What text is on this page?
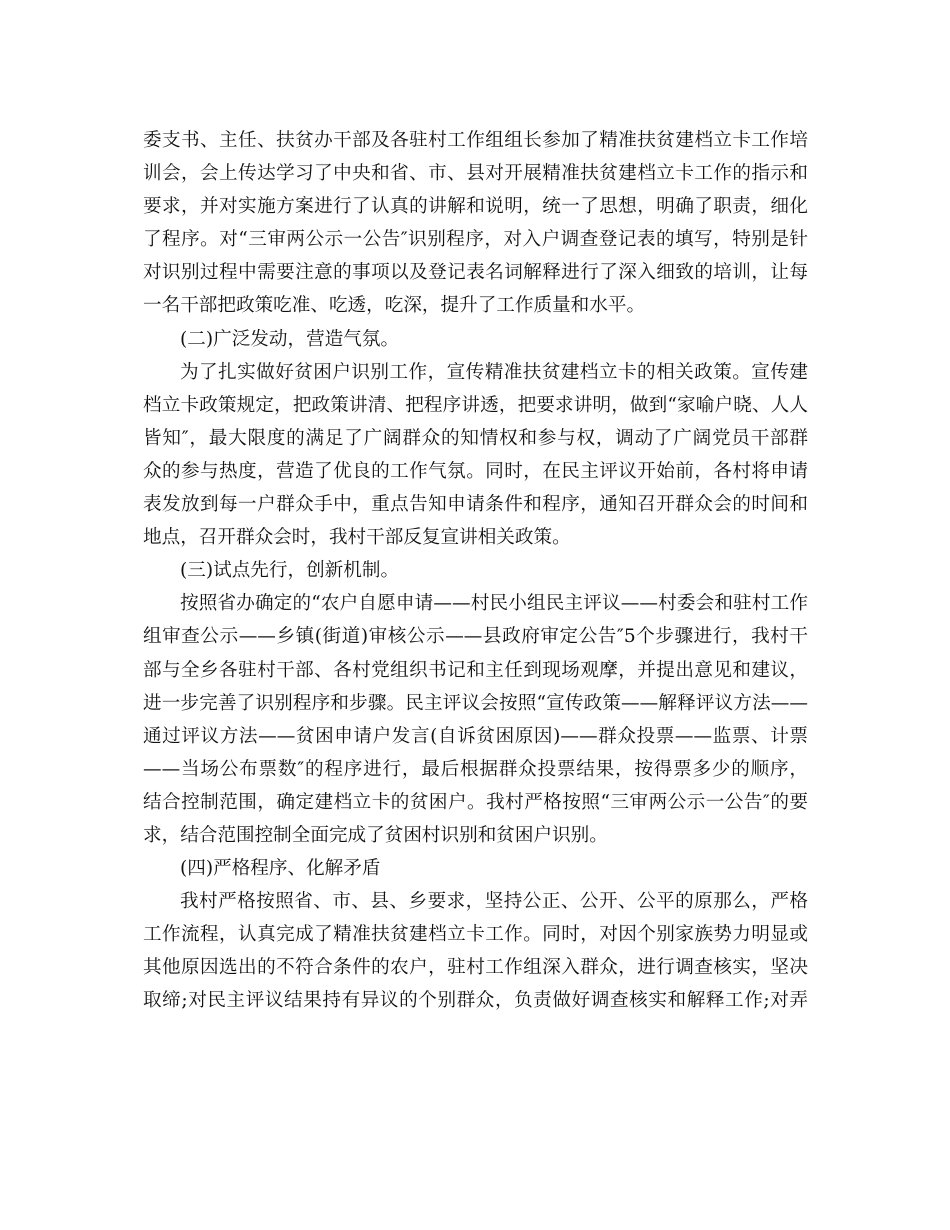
委支书、主任、扶贫办干部及各驻村工作组组长参加了精准扶贫建档立卡工作培
训会，会上传达学习了中央和省、市、县对开展精准扶贫建档立卡工作的指示和
要求，并对实施方案进行了认真的讲解和说明，统一了思想，明确了职责，细化
了程序。对“三审两公示一公告″识别程序，对入户调查登记表的填写，特别是针
对识别过程中需要注意的事项以及登记表名词解释进行了深入细致的培训，让每
一名干部把政策吃准、吃透，吃深，提升了工作质量和水平。
(二)广泛发动，营造气氛。
为了扎实做好贫困户识别工作，宣传精准扶贫建档立卡的相关政策。宣传建
档立卡政策规定，把政策讲清、把程序讲透，把要求讲明，做到“家喻户晓、人人
皆知″，最大限度的满足了广阔群众的知情权和参与权，调动了广阔党员干部群
众的参与热度，营造了优良的工作气氛。同时，在民主评议开始前，各村将申请
表发放到每一户群众手中，重点告知申请条件和程序，通知召开群众会的时间和
地点，召开群众会时，我村干部反复宣讲相关政策。
(三)试点先行，创新机制。
按照省办确定的“农户自愿申请——村民小组民主评议——村委会和驻村工作
组审查公示——乡镇(街道)审核公示——县政府审定公告″5个步骤进行，我村干
部与全乡各驻村干部、各村党组织书记和主任到现场观摩，并提出意见和建议，
进一步完善了识别程序和步骤。民主评议会按照“宣传政策——解释评议方法——
通过评议方法——贫困申请户发言(自诉贫困原因)——群众投票——监票、计票
——当场公布票数″的程序进行，最后根据群众投票结果，按得票多少的顺序，
结合控制范围，确定建档立卡的贫困户。我村严格按照“三审两公示一公告″的要
求，结合范围控制全面完成了贫困村识别和贫困户识别。
(四)严格程序、化解矛盾
我村严格按照省、市、县、乡要求，坚持公正、公开、公平的原那么，严格
工作流程，认真完成了精准扶贫建档立卡工作。同时，对因个别家族势力明显或
其他原因选出的不符合条件的农户，驻村工作组深入群众，进行调查核实，坚决
取缔;对民主评议结果持有异议的个别群众，负责做好调查核实和解释工作;对弄
